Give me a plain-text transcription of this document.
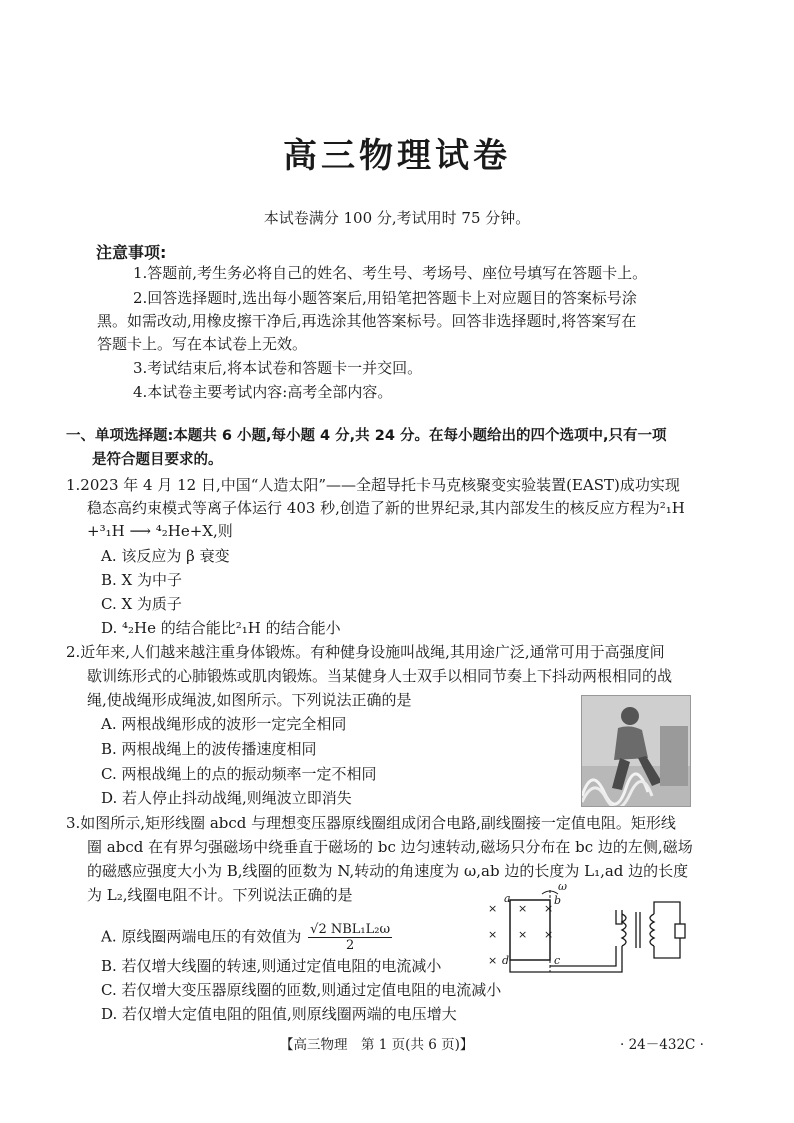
高三物理试卷
本试卷满分 100 分,考试用时 75 分钟。
注意事项:
1.答题前,考生务必将自己的姓名、考生号、考场号、座位号填写在答题卡上。
2.回答选择题时,选出每小题答案后,用铅笔把答题卡上对应题目的答案标号涂
黑。如需改动,用橡皮擦干净后,再选涂其他答案标号。回答非选择题时,将答案写在
答题卡上。写在本试卷上无效。
3.考试结束后,将本试卷和答题卡一并交回。
4.本试卷主要考试内容:高考全部内容。
一、单项选择题:本题共 6 小题,每小题 4 分,共 24 分。在每小题给出的四个选项中,只有一项
是符合题目要求的。
1.2023 年 4 月 12 日,中国“人造太阳”——全超导托卡马克核聚变实验装置(EAST)成功实现
稳态高约束模式等离子体运行 403 秒,创造了新的世界纪录,其内部发生的核反应方程为²₁H
+³₁H ⟶ ⁴₂He+X,则
A. 该反应为 β 衰变
B. X 为中子
C. X 为质子
D. ⁴₂He 的结合能比²₁H 的结合能小
2.近年来,人们越来越注重身体锻炼。有种健身设施叫战绳,其用途广泛,通常可用于高强度间
歇训练形式的心肺锻炼或肌肉锻炼。当某健身人士双手以相同节奏上下抖动两根相同的战
绳,使战绳形成绳波,如图所示。下列说法正确的是
A. 两根战绳形成的波形一定完全相同
B. 两根战绳上的波传播速度相同
C. 两根战绳上的点的振动频率一定不相同
D. 若人停止抖动战绳,则绳波立即消失
3.如图所示,矩形线圈 abcd 与理想变压器原线圈组成闭合电路,副线圈接一定值电阻。矩形线
圈 abcd 在有界匀强磁场中绕垂直于磁场的 bc 边匀速转动,磁场只分布在 bc 边的左侧,磁场
的磁感应强度大小为 B,线圈的匝数为 N,转动的角速度为 ω,ab 边的长度为 L₁,ad 边的长度
为 L₂,线圈电阻不计。下列说法正确的是
A. 原线圈两端电压的有效值为 √2 NBL₁L₂ω
2
B. 若仅增大线圈的转速,则通过定值电阻的电流减小
C. 若仅增大变压器原线圈的匝数,则通过定值电阻的电流减小
D. 若仅增大定值电阻的阻值,则原线圈两端的电压增大
×
×
×
×
×
×
×
a	b
c
d
ω
【高三物理　第 1 页(共 6 页)】	· 24－432C ·
